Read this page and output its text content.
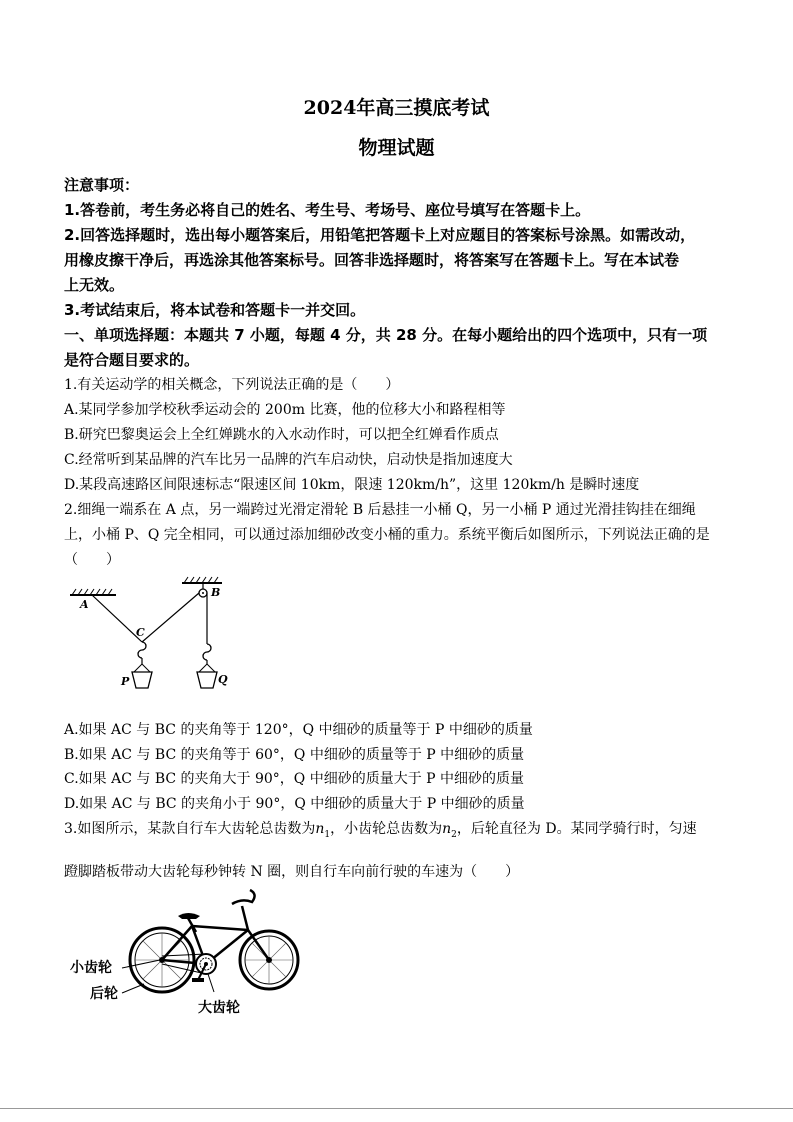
2024年高三摸底考试
物理试题
注意事项：
1.答卷前，考生务必将自己的姓名、考生号、考场号、座位号填写在答题卡上。
2.回答选择题时，选出每小题答案后，用铅笔把答题卡上对应题目的答案标号涂黑。如需改动，
用橡皮擦干净后，再选涂其他答案标号。回答非选择题时，将答案写在答题卡上。写在本试卷
上无效。
3.考试结束后，将本试卷和答题卡一并交回。
一、单项选择题：本题共 7 小题，每题 4 分，共 28 分。在每小题给出的四个选项中，只有一项
是符合题目要求的。
1.有关运动学的相关概念，下列说法正确的是（　　）
A.某同学参加学校秋季运动会的 200m 比赛，他的位移大小和路程相等
B.研究巴黎奥运会上全红婵跳水的入水动作时，可以把全红婵看作质点
C.经常听到某品牌的汽车比另一品牌的汽车启动快，启动快是指加速度大
D.某段高速路区间限速标志“限速区间 10km，限速 120km/h”，这里 120km/h 是瞬时速度
2.细绳一端系在 A 点，另一端跨过光滑定滑轮 B 后悬挂一小桶 Q，另一小桶 P 通过光滑挂钩挂在细绳
上，小桶 P、Q 完全相同，可以通过添加细砂改变小桶的重力。系统平衡后如图所示，下列说法正确的是
（　　）
A
B
C
P	Q
A.如果 AC 与 BC 的夹角等于 120°，Q 中细砂的质量等于 P 中细砂的质量
B.如果 AC 与 BC 的夹角等于 60°，Q 中细砂的质量等于 P 中细砂的质量
C.如果 AC 与 BC 的夹角大于 90°，Q 中细砂的质量大于 P 中细砂的质量
D.如果 AC 与 BC 的夹角小于 90°，Q 中细砂的质量大于 P 中细砂的质量
3.如图所示，某款自行车大齿轮总齿数为$n_1$，小齿轮总齿数为$n_2$，后轮直径为 D。某同学骑行时，匀速
蹬脚踏板带动大齿轮每秒钟转 N 圈，则自行车向前行驶的车速为（　　）
小齿轮
后轮
大齿轮
